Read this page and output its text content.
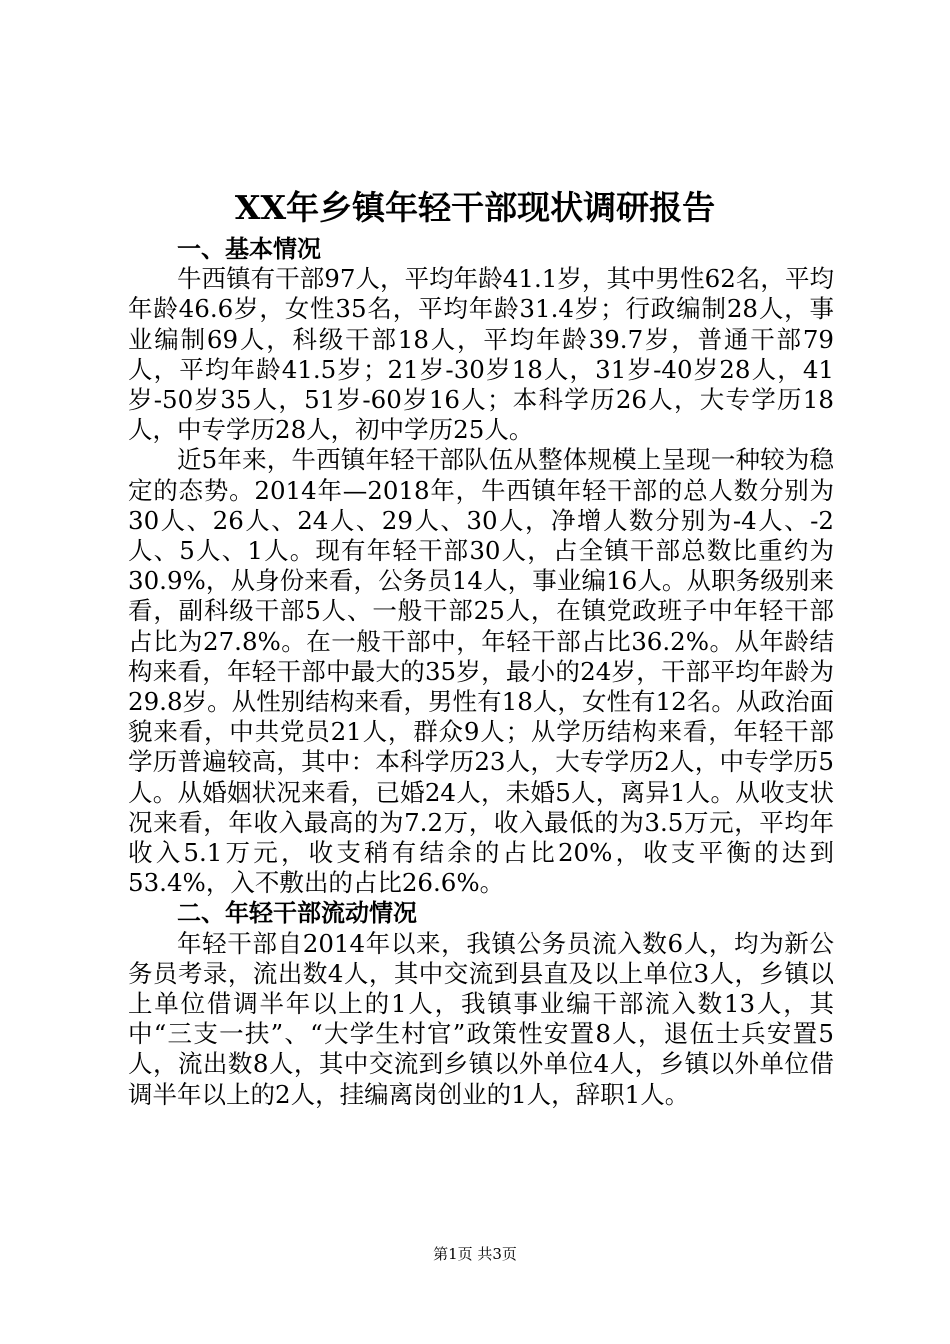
XX年乡镇年轻干部现状调研报告
一、基本情况

牛西镇有干部97人，平均年龄41.1岁，其中男性62名，平均年龄46.6岁，女性35名，平均年龄31.4岁；行政编制28人，事业编制69人，科级干部18人，平均年龄39.7岁，普通干部79人，平均年龄41.5岁；21岁-30岁18人，31岁-40岁28人，41岁-50岁35人，51岁-60岁16人；本科学历26人，大专学历18人，中专学历28人，初中学历25人。

近5年来，牛西镇年轻干部队伍从整体规模上呈现一种较为稳定的态势。2014年—2018年，牛西镇年轻干部的总人数分别为30人、26人、24人、29人、30人，净增人数分别为-4人、-2人、5人、1人。现有年轻干部30人，占全镇干部总数比重约为30.9%，从身份来看，公务员14人，事业编16人。从职务级别来看，副科级干部5人、一般干部25人，在镇党政班子中年轻干部占比为27.8%。在一般干部中，年轻干部占比36.2%。从年龄结构来看，年轻干部中最大的35岁，最小的24岁，干部平均年龄为29.8岁。从性别结构来看，男性有18人，女性有12名。从政治面貌来看，中共党员21人，群众9人；从学历结构来看，年轻干部学历普遍较高，其中：本科学历23人，大专学历2人，中专学历5人。从婚姻状况来看，已婚24人，未婚5人，离异1人。从收支状况来看，年收入最高的为7.2万，收入最低的为3.5万元，平均年收入5.1万元，收支稍有结余的占比20%，收支平衡的达到53.4%，入不敷出的占比26.6%。

二、年轻干部流动情况

年轻干部自2014年以来，我镇公务员流入数6人，均为新公务员考录，流出数4人，其中交流到县直及以上单位3人，乡镇以上单位借调半年以上的1人，我镇事业编干部流入数13人，其中“三支一扶”、“大学生村官”政策性安置8人，退伍士兵安置5人，流出数8人，其中交流到乡镇以外单位4人，乡镇以外单位借调半年以上的2人，挂编离岗创业的1人，辞职1人。

第1页 共3页
